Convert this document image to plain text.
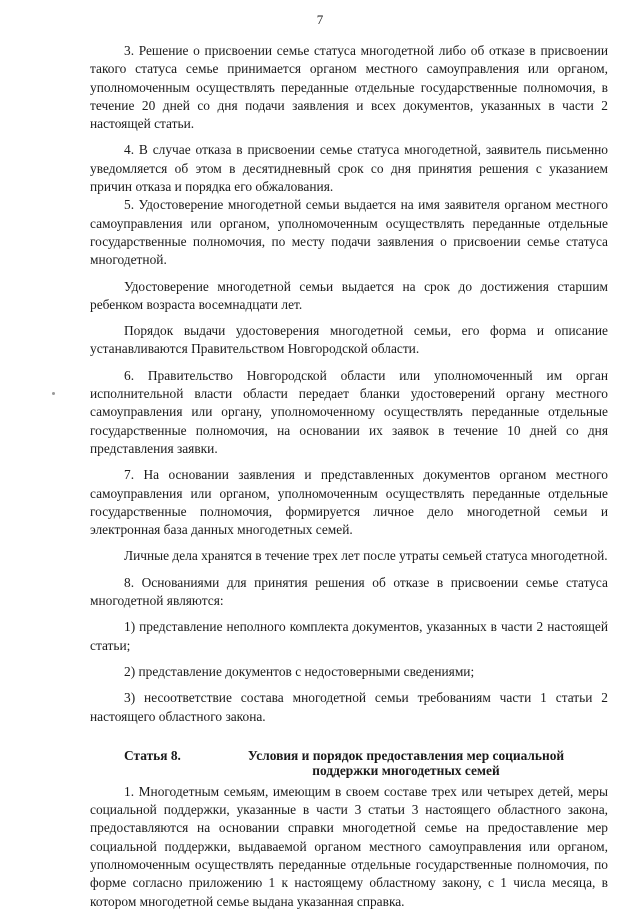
7

3. Решение о присвоении семье статуса многодетной либо об отказе в присвоении такого статуса семье принимается органом местного самоуправления или органом, уполномоченным осуществлять переданные отдельные государственные полномочия, в течение 20 дней со дня подачи заявления и всех документов, указанных в части 2 настоящей статьи.

4. В случае отказа в присвоении семье статуса многодетной, заявитель письменно уведомляется об этом в десятидневный срок со дня принятия решения с указанием причин отказа и порядка его обжалования.

5. Удостоверение многодетной семьи выдается на имя заявителя органом местного самоуправления или органом, уполномоченным осуществлять переданные отдельные государственные полномочия, по месту подачи заявления о присвоении семье статуса многодетной.

Удостоверение многодетной семьи выдается на срок до достижения старшим ребенком возраста восемнадцати лет.

Порядок выдачи удостоверения многодетной семьи, его форма и описание устанавливаются Правительством Новгородской области.

6. Правительство Новгородской области или уполномоченный им орган исполнительной власти области передает бланки удостоверений органу местного самоуправления или органу, уполномоченному осуществлять переданные отдельные государственные полномочия, на основании их заявок в течение 10 дней со дня представления заявки.

7. На основании заявления и представленных документов органом местного самоуправления или органом, уполномоченным осуществлять переданные отдельные государственные полномочия, формируется личное дело многодетной семьи и электронная база данных многодетных семей.

Личные дела хранятся в течение трех лет после утраты семьей статуса многодетной.

8. Основаниями для принятия решения об отказе в присвоении семье статуса многодетной являются:

1) представление неполного комплекта документов, указанных в части 2 настоящей статьи;

2) представление документов с недостоверными сведениями;

3) несоответствие состава многодетной семьи требованиям части 1 статьи 2 настоящего областного закона.

Статья 8.	Условия и порядок предоставления мер социальной
поддержки многодетных семей

1. Многодетным семьям, имеющим в своем составе трех или четырех детей, меры социальной поддержки, указанные в части 3 статьи 3 настоящего областного закона, предоставляются на основании справки многодетной семье на предоставление мер социальной поддержки, выдаваемой органом местного самоуправления или органом, уполномоченным осуществлять переданные отдельные государственные полномочия, по форме согласно приложению 1 к настоящему областному закону, с 1 числа месяца, в котором многодетной семье выдана указанная справка.
